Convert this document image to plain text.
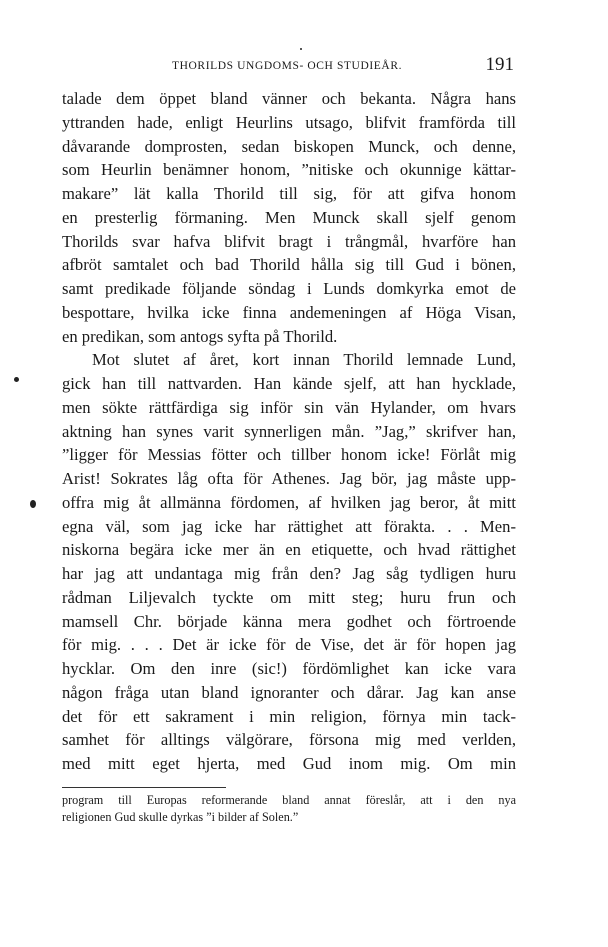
THORILDS UNGDOMS- OCH STUDIEÅR.	191
talade dem öppet bland vänner och bekanta. Några hans
yttranden hade, enligt Heurlins utsago, blifvit framförda till
dåvarande domprosten, sedan biskopen Munck, och denne,
som Heurlin benämner honom, ”nitiske och okunnige kättar-
makare” lät kalla Thorild till sig, för att gifva honom
en presterlig förmaning. Men Munck skall sjelf genom
Thorilds svar hafva blifvit bragt i trångmål, hvarföre han
afbröt samtalet och bad Thorild hålla sig till Gud i bönen,
samt predikade följande söndag i Lunds domkyrka emot de
bespottare, hvilka icke finna andemeningen af Höga Visan,
en predikan, som antogs syfta på Thorild.
Mot slutet af året, kort innan Thorild lemnade Lund,
gick han till nattvarden. Han kände sjelf, att han hycklade,
men sökte rättfärdiga sig inför sin vän Hylander, om hvars
aktning han synes varit synnerligen mån. ”Jag,” skrifver han,
”ligger för Messias fötter och tillber honom icke! Förlåt mig
Arist! Sokrates låg ofta för Athenes. Jag bör, jag måste upp-
offra mig åt allmänna fördomen, af hvilken jag beror, åt mitt
egna väl, som jag icke har rättighet att förakta. . . Men-
niskorna begära icke mer än en etiquette, och hvad rättighet
har jag att undantaga mig från den? Jag såg tydligen huru
rådman Liljevalch tyckte om mitt steg; huru frun och
mamsell Chr. började känna mera godhet och förtroende
för mig. . . . Det är icke för de Vise, det är för hopen jag
hycklar. Om den inre (sic!) fördömlighet kan icke vara
någon fråga utan bland ignoranter och dårar. Jag kan anse
det för ett sakrament i min religion, förnya min tack-
samhet för alltings välgörare, försona mig med verlden,
med mitt eget hjerta, med Gud inom mig. Om min
program till Europas reformerande bland annat föreslår, att i den nya
religionen Gud skulle dyrkas ”i bilder af Solen.”
